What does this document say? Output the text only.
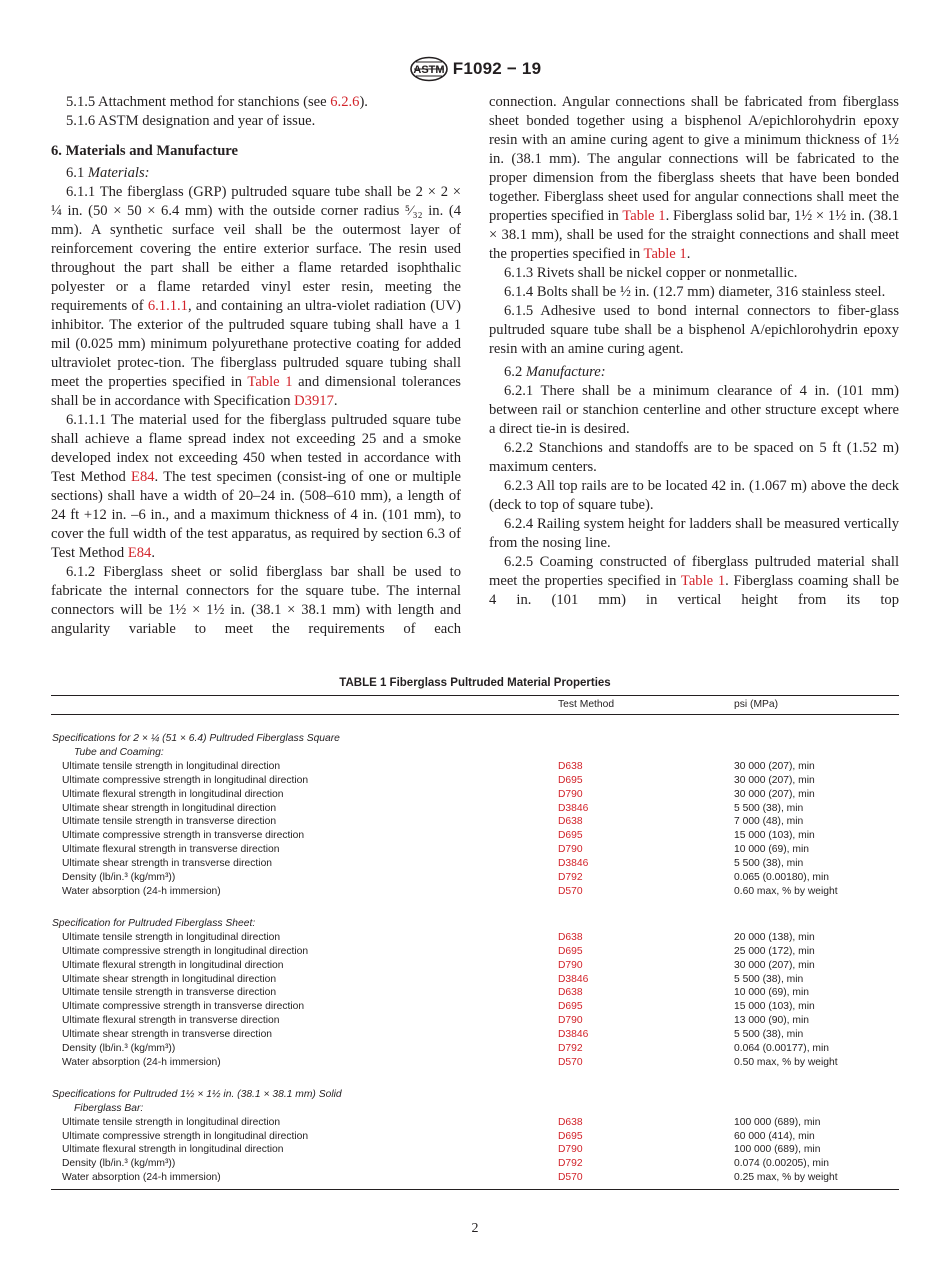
ASTM F1092 − 19

5.1.5 Attachment method for stanchions (see 6.2.6).

5.1.6 ASTM designation and year of issue.

6. Materials and Manufacture

6.1 Materials:

6.1.1 The fiberglass (GRP) pultruded square tube shall be 2 × 2 × ¼ in. (50 × 50 × 6.4 mm) with the outside corner radius ⁵⁄₃₂ in. (4 mm). A synthetic surface veil shall be the outermost layer of reinforcement covering the entire exterior surface. The resin used throughout the part shall be either a flame retarded isophthalic polyester or a flame retarded vinyl ester resin, meeting the requirements of 6.1.1.1, and containing an ultra-violet radiation (UV) inhibitor. The exterior of the pultruded square tubing shall have a 1 mil (0.025 mm) minimum polyurethane protective coating for added ultraviolet protec-tion. The fiberglass pultruded square tubing shall meet the properties specified in Table 1 and dimensional tolerances shall be in accordance with Specification D3917.

6.1.1.1 The material used for the fiberglass pultruded square tube shall achieve a flame spread index not exceeding 25 and a smoke developed index not exceeding 450 when tested in accordance with Test Method E84. The test specimen (consist-ing of one or multiple sections) shall have a width of 20–24 in. (508–610 mm), a length of 24 ft +12 in. –6 in., and a maximum thickness of 4 in. (101 mm), to cover the full width of the test apparatus, as required by section 6.3 of Test Method E84.

6.1.2 Fiberglass sheet or solid fiberglass bar shall be used to fabricate the internal connectors for the square tube. The internal connectors will be 1½ × 1½ in. (38.1 × 38.1 mm) with length and angularity variable to meet the requirements of each

connection. Angular connections shall be fabricated from fiberglass sheet bonded together using a bisphenol A/epichlorohydrin epoxy resin with an amine curing agent to give a minimum thickness of 1½ in. (38.1 mm). The angular connections will be fabricated to the proper dimension from the fiberglass sheets that have been bonded together. Fiberglass sheet used for angular connections shall meet the properties specified in Table 1. Fiberglass solid bar, 1½ × 1½ in. (38.1 × 38.1 mm), shall be used for the straight connections and shall meet the properties specified in Table 1.

6.1.3 Rivets shall be nickel copper or nonmetallic.

6.1.4 Bolts shall be ½ in. (12.7 mm) diameter, 316 stainless steel.

6.1.5 Adhesive used to bond internal connectors to fiber-glass pultruded square tube shall be a bisphenol A/epichlorohydrin epoxy resin with an amine curing agent.

6.2 Manufacture:

6.2.1 There shall be a minimum clearance of 4 in. (101 mm) between rail or stanchion centerline and other structure except where a direct tie-in is desired.

6.2.2 Stanchions and standoffs are to be spaced on 5 ft (1.52 m) maximum centers.

6.2.3 All top rails are to be located 42 in. (1.067 m) above the deck (deck to top of square tube).

6.2.4 Railing system height for ladders shall be measured vertically from the nosing line.

6.2.5 Coaming constructed of fiberglass pultruded material shall meet the properties specified in Table 1. Fiberglass coaming shall be 4 in. (101 mm) in vertical height from its top

TABLE 1 Fiberglass Pultruded Material Properties
Test Method	psi (MPa)
Specifications for 2 × ¼ (51 × 6.4) Pultruded Fiberglass Square
Tube and Coaming:
Ultimate tensile strength in longitudinal direction	D638	30 000 (207), min
Ultimate compressive strength in longitudinal direction	D695	30 000 (207), min
Ultimate flexural strength in longitudinal direction	D790	30 000 (207), min
Ultimate shear strength in longitudinal direction	D3846	5 500 (38), min
Ultimate tensile strength in transverse direction	D638	7 000 (48), min
Ultimate compressive strength in transverse direction	D695	15 000 (103), min
Ultimate flexural strength in transverse direction	D790	10 000 (69), min
Ultimate shear strength in transverse direction	D3846	5 500 (38), min
Density (lb/in.³ (kg/mm³))	D792	0.065 (0.00180), min
Water absorption (24-h immersion)	D570	0.60 max, % by weight
Specification for Pultruded Fiberglass Sheet:
Ultimate tensile strength in longitudinal direction	D638	20 000 (138), min
Ultimate compressive strength in longitudinal direction	D695	25 000 (172), min
Ultimate flexural strength in longitudinal direction	D790	30 000 (207), min
Ultimate shear strength in longitudinal direction	D3846	5 500 (38), min
Ultimate tensile strength in transverse direction	D638	10 000 (69), min
Ultimate compressive strength in transverse direction	D695	15 000 (103), min
Ultimate flexural strength in transverse direction	D790	13 000 (90), min
Ultimate shear strength in transverse direction	D3846	5 500 (38), min
Density (lb/in.³ (kg/mm³))	D792	0.064 (0.00177), min
Water absorption (24-h immersion)	D570	0.50 max, % by weight
Specifications for Pultruded 1½ × 1½ in. (38.1 × 38.1 mm) Solid
Fiberglass Bar:
Ultimate tensile strength in longitudinal direction	D638	100 000 (689), min
Ultimate compressive strength in longitudinal direction	D695	60 000 (414), min
Ultimate flexural strength in longitudinal direction	D790	100 000 (689), min
Density (lb/in.³ (kg/mm³))	D792	0.074 (0.00205), min
Water absorption (24-h immersion)	D570	0.25 max, % by weight
2
